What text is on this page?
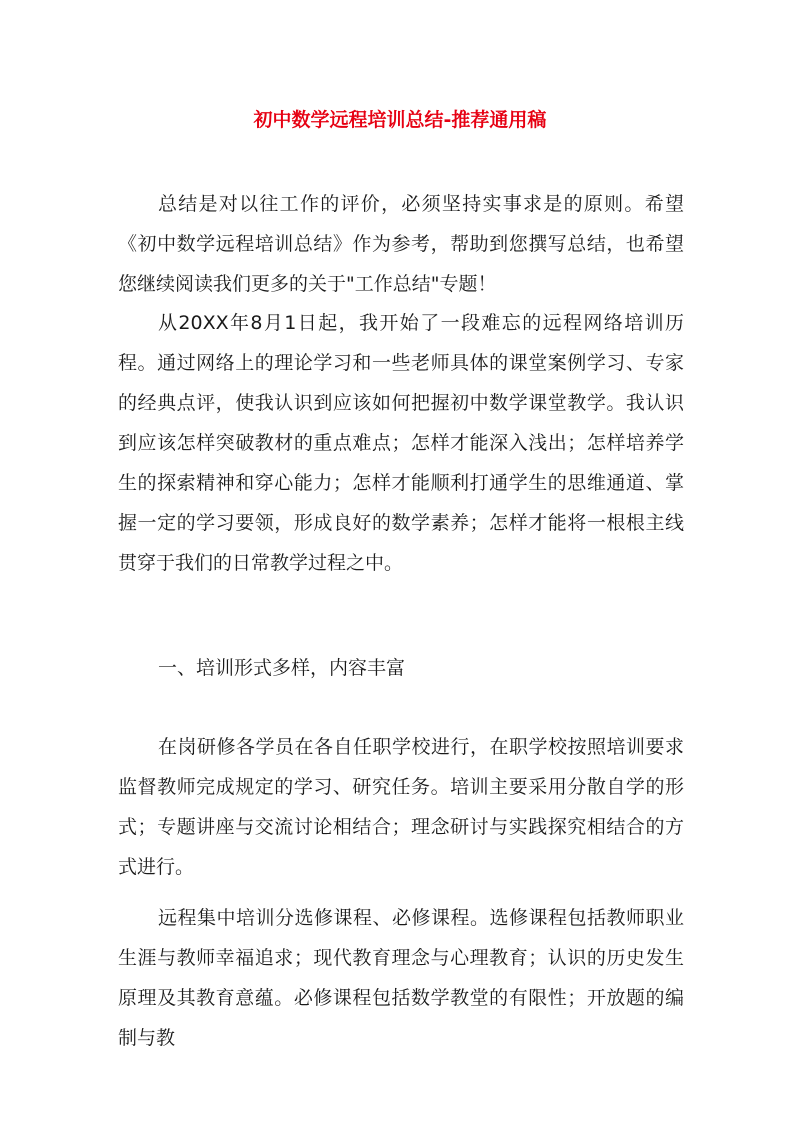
初中数学远程培训总结-推荐通用稿

总结是对以往工作的评价，必须坚持实事求是的原则。希望《初中数学远程培训总结》作为参考，帮助到您撰写总结，也希望您继续阅读我们更多的关于"工作总结"专题！

从20XX年8月1日起，我开始了一段难忘的远程网络培训历程。通过网络上的理论学习和一些老师具体的课堂案例学习、专家的经典点评，使我认识到应该如何把握初中数学课堂教学。我认识到应该怎样突破教材的重点难点；怎样才能深入浅出；怎样培养学生的探索精神和穿心能力；怎样才能顺利打通学生的思维通道、掌握一定的学习要领，形成良好的数学素养；怎样才能将一根根主线贯穿于我们的日常教学过程之中。

一、培训形式多样，内容丰富

在岗研修各学员在各自任职学校进行，在职学校按照培训要求监督教师完成规定的学习、研究任务。培训主要采用分散自学的形式；专题讲座与交流讨论相结合；理念研讨与实践探究相结合的方式进行。

远程集中培训分选修课程、必修课程。选修课程包括教师职业生涯与教师幸福追求；现代教育理念与心理教育；认识的历史发生原理及其教育意蕴。必修课程包括数学教堂的有限性；开放题的编制与教
